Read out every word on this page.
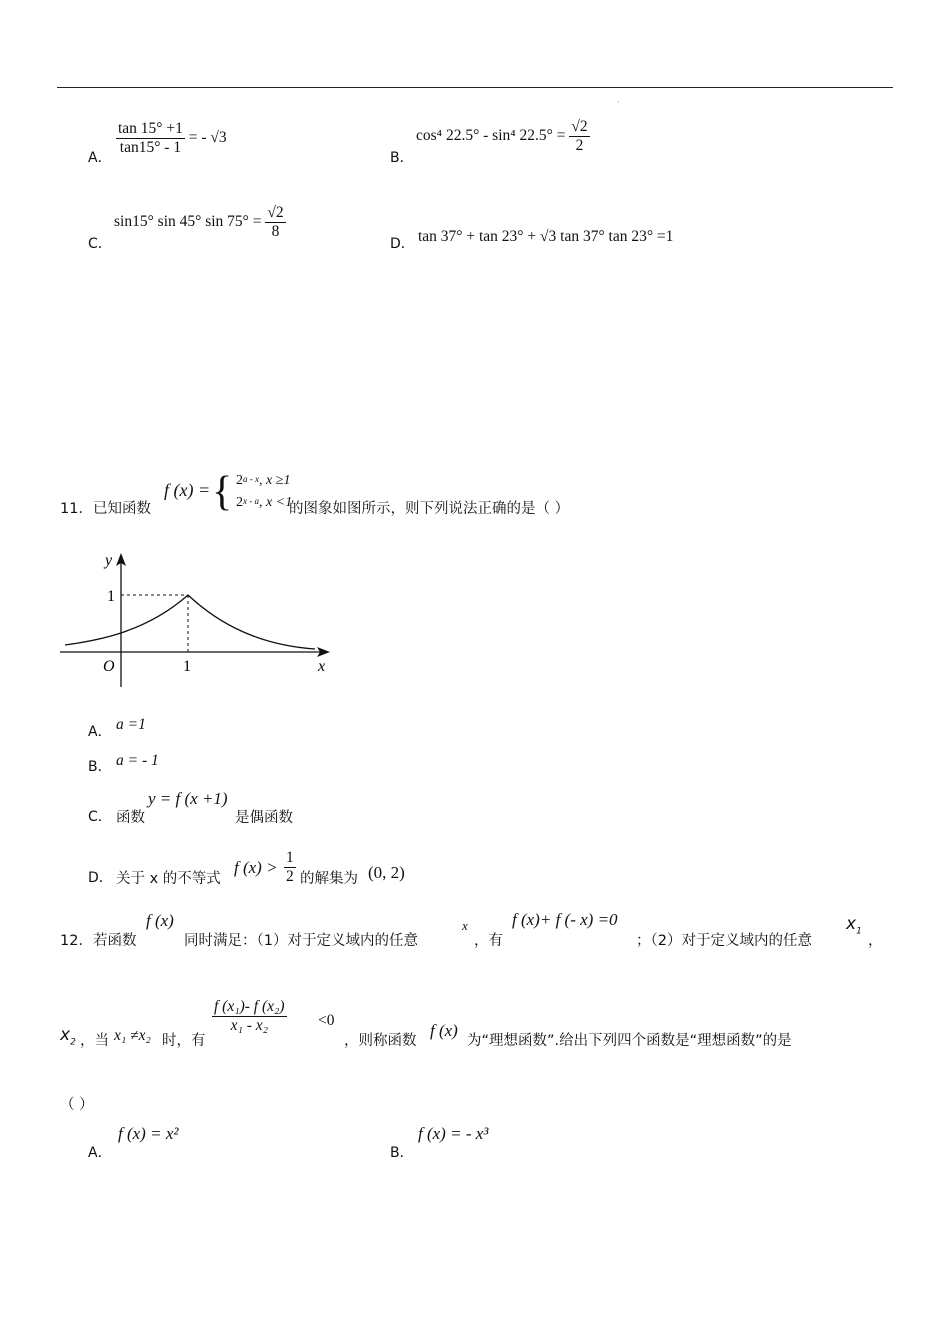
·
A．
$\frac{\tan 15^\circ +1}{\tan 15^\circ - 1}$ = - √3
B．
cos⁴ 22.5° - sin⁴ $22.5^\circ = \frac{√2}{2}$
C．
sin15° sin 45° $\sin 75^\circ = \frac{√2}{8}$
D． tan 37° + tan 23° + √3 tan 37° tan 23° =1
11．已知函数
f (x) = { 2$^{a - x}$, x ≥1
2$^{x - a}$, x <1
的图象如图所示，则下列说法正确的是（ ）
y
x
O	1
1
A． a =1
B． a = - 1
C． 函数
y = f (x +1)
是偶函数
D． 关于 x 的不等式
f $(x) > \frac{1}{2}$ 的解集为 (0, 2)
12．若函数
f (x)
同时满足：（1）对于定义域内的任意
x
，有
f (x)+ f (- x) =0
；（2）对于定义域内的任意
$x_1$
，
$x_2$ ，当 x₁ ≠x₂ 时，有
$\frac{\text{f (x₁)- f (x₂)}}{\text{x₁ - x₂}} <0$
，则称函数
f (x)
为“理想函数”.给出下列四个函数是“理想函数”的是
（ ）
A．
f (x) = x²
B．
f (x) = - x³
